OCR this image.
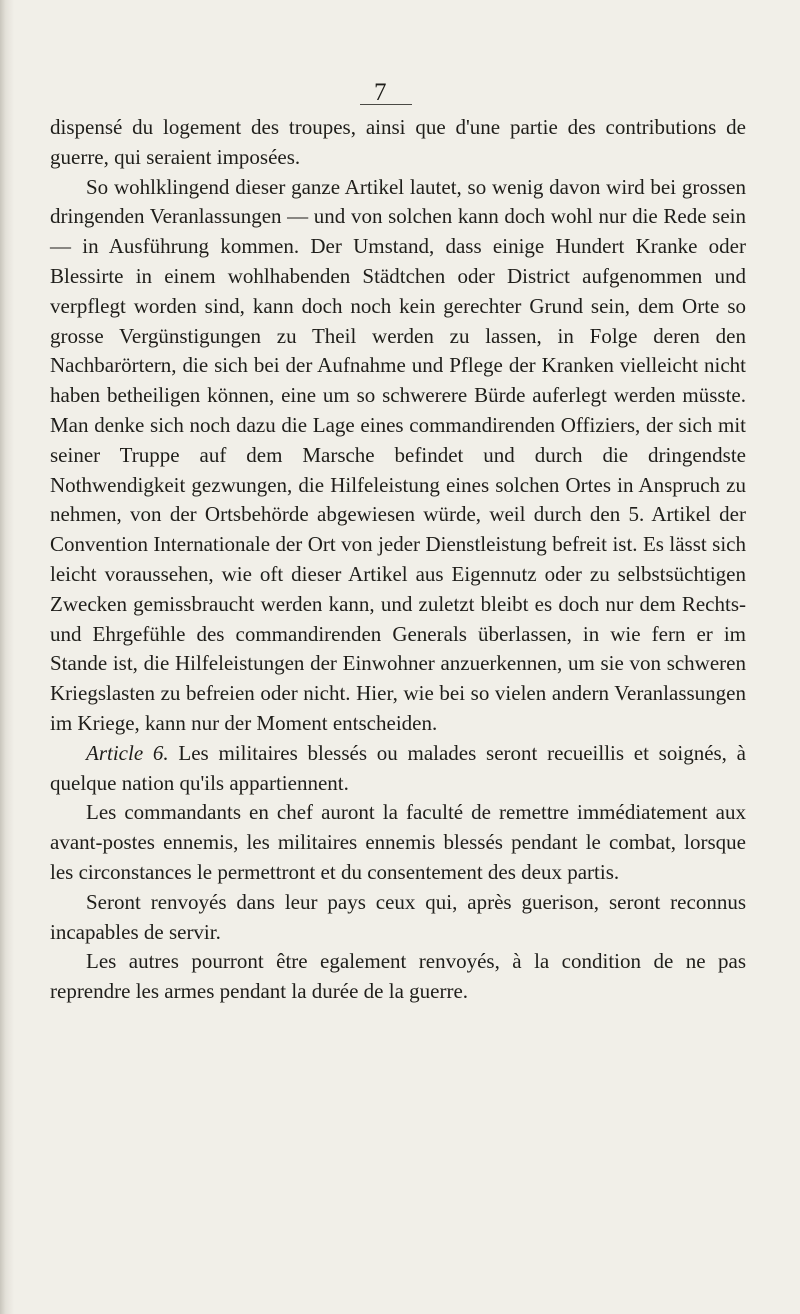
7

dispensé du logement des troupes, ainsi que d'une partie des contributions de guerre, qui seraient imposées.

So wohlklingend dieser ganze Artikel lautet, so wenig davon wird bei grossen dringenden Veranlassungen — und von solchen kann doch wohl nur die Rede sein — in Ausführung kommen. Der Umstand, dass einige Hundert Kranke oder Blessirte in einem wohlhabenden Städtchen oder District aufgenommen und verpflegt worden sind, kann doch noch kein gerechter Grund sein, dem Orte so grosse Vergünstigungen zu Theil werden zu lassen, in Folge deren den Nachbarörtern, die sich bei der Aufnahme und Pflege der Kranken vielleicht nicht haben betheiligen können, eine um so schwerere Bürde auferlegt werden müsste. Man denke sich noch dazu die Lage eines commandirenden Offiziers, der sich mit seiner Truppe auf dem Marsche befindet und durch die dringendste Nothwendigkeit gezwungen, die Hilfeleistung eines solchen Ortes in Anspruch zu nehmen, von der Ortsbehörde abgewiesen würde, weil durch den 5. Artikel der Convention Internationale der Ort von jeder Dienstleistung befreit ist. Es lässt sich leicht voraussehen, wie oft dieser Artikel aus Eigennutz oder zu selbstsüchtigen Zwecken gemissbraucht werden kann, und zuletzt bleibt es doch nur dem Rechts- und Ehrgefühle des commandirenden Generals überlassen, in wie fern er im Stande ist, die Hilfeleistungen der Einwohner anzuerkennen, um sie von schweren Kriegslasten zu befreien oder nicht. Hier, wie bei so vielen andern Veranlassungen im Kriege, kann nur der Moment entscheiden.

Article 6. Les militaires blessés ou malades seront recueillis et soignés, à quelque nation qu'ils appartiennent.

Les commandants en chef auront la faculté de remettre immédiatement aux avant-postes ennemis, les militaires ennemis blessés pendant le combat, lorsque les circonstances le permettront et du consentement des deux partis.

Seront renvoyés dans leur pays ceux qui, après guerison, seront reconnus incapables de servir.

Les autres pourront être egalement renvoyés, à la condition de ne pas reprendre les armes pendant la durée de la guerre.
